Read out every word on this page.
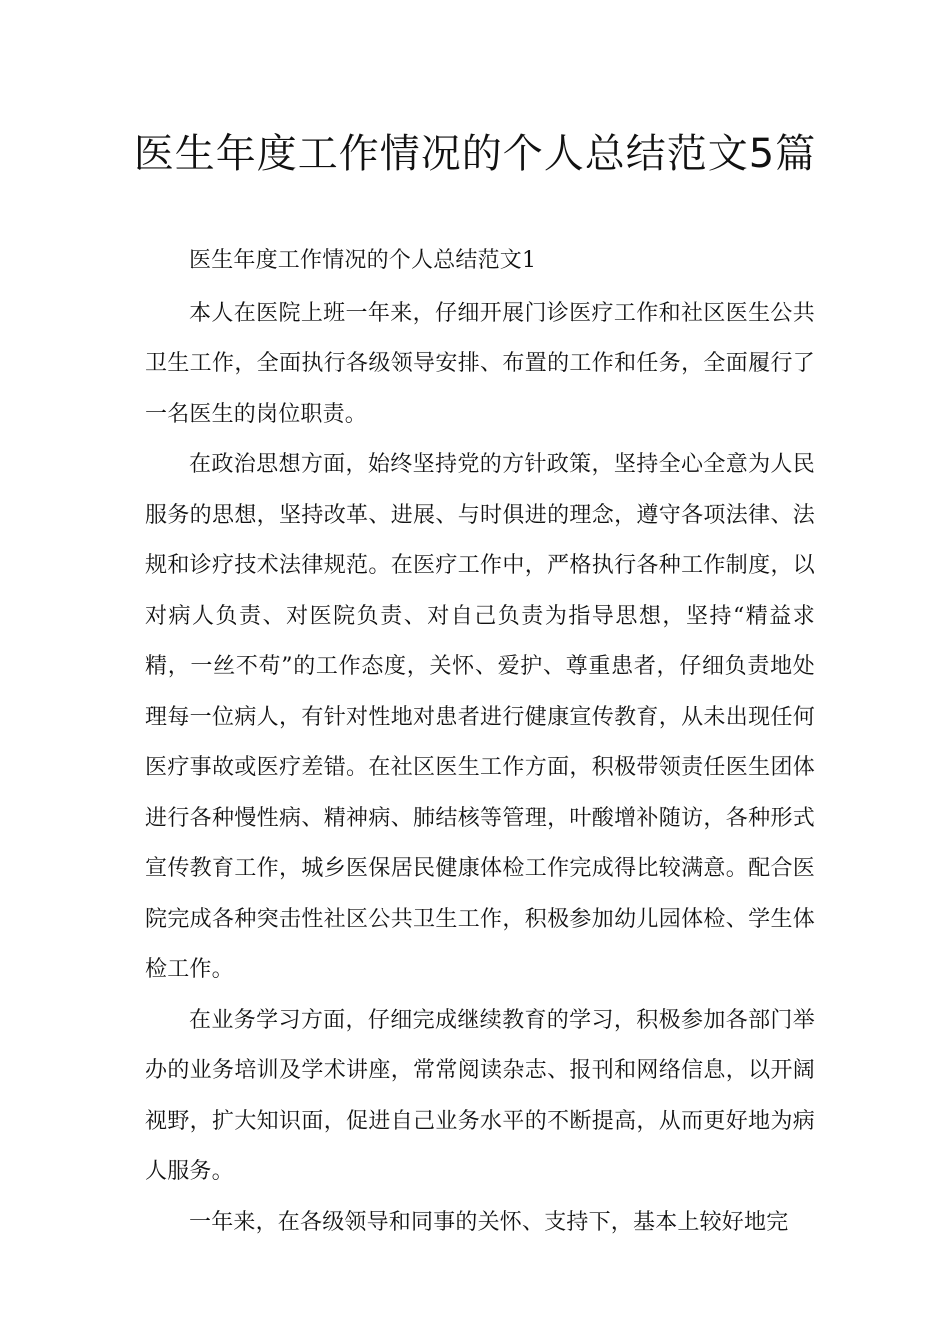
医生年度工作情况的个人总结范文5篇

医生年度工作情况的个人总结范文1

本人在医院上班一年来，仔细开展门诊医疗工作和社区医生公共卫生工作，全面执行各级领导安排、布置的工作和任务，全面履行了一名医生的岗位职责。

在政治思想方面，始终坚持党的方针政策，坚持全心全意为人民服务的思想，坚持改革、进展、与时俱进的理念，遵守各项法律、法规和诊疗技术法律规范。在医疗工作中，严格执行各种工作制度，以对病人负责、对医院负责、对自己负责为指导思想，坚持“精益求精，一丝不苟”的工作态度，关怀、爱护、尊重患者，仔细负责地处理每一位病人，有针对性地对患者进行健康宣传教育，从未出现任何医疗事故或医疗差错。在社区医生工作方面，积极带领责任医生团体进行各种慢性病、精神病、肺结核等管理，叶酸增补随访，各种形式宣传教育工作，城乡医保居民健康体检工作完成得比较满意。配合医院完成各种突击性社区公共卫生工作，积极参加幼儿园体检、学生体检工作。

在业务学习方面，仔细完成继续教育的学习，积极参加各部门举办的业务培训及学术讲座，常常阅读杂志、报刊和网络信息，以开阔视野，扩大知识面，促进自己业务水平的不断提高，从而更好地为病人服务。

一年来，在各级领导和同事的关怀、支持下，基本上较好地完
